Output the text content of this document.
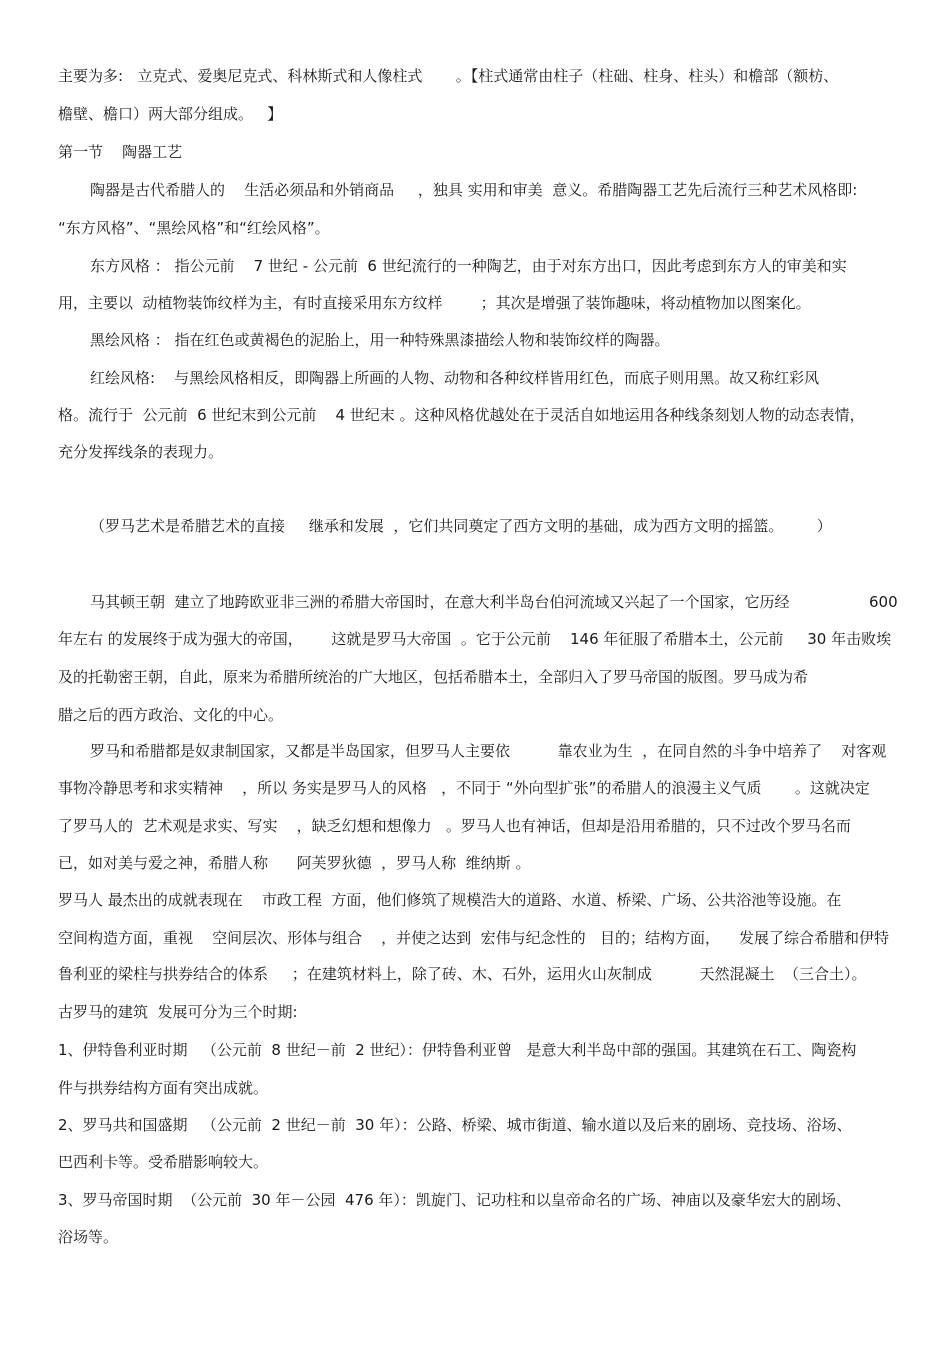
主要为多:   立克式、爱奥尼克式、科林斯式和人像柱式       。【柱式通常由柱子（柱础、柱身、柱头）和檐部（额枋、
檐壁、檐口）两大部分组成。   】
第一节    陶器工艺
陶器是古代希腊人的    生活必须品和外销商品     ，独具 实用和审美  意义。希腊陶器工艺先后流行三种艺术风格即:
“东方风格”、“黑绘风格”和“红绘风格”。
东方风格 ： 指公元前    7 世纪 - 公元前  6 世纪流行的一种陶艺，由于对东方出口，因此考虑到东方人的审美和实
用，主要以  动植物装饰纹样为主，有时直接采用东方纹样        ；其次是增强了装饰趣味，将动植物加以图案化。
黑绘风格 ： 指在红色或黄褐色的泥胎上，用一种特殊黑漆描绘人物和装饰纹样的陶器。
红绘风格:    与黑绘风格相反，即陶器上所画的人物、动物和各种纹样皆用红色，而底子则用黑。故又称红彩风
格。流行于  公元前  6 世纪末到公元前    4 世纪末 。这种风格优越处在于灵活自如地运用各种线条刻划人物的动态表情，
充分发挥线条的表现力。
（罗马艺术是希腊艺术的直接     继承和发展  ，它们共同奠定了西方文明的基础，成为西方文明的摇篮。       ）
马其顿王朝  建立了地跨欧亚非三洲的希腊大帝国时，在意大利半岛台伯河流域又兴起了一个国家，它历经	600
年左右 的发展终于成为强大的帝国，      这就是罗马大帝国  。它于公元前    146 年征服了希腊本土，公元前     30 年击败埃
及的托勒密王朝，自此，原来为希腊所统治的广大地区，包括希腊本土，全部归入了罗马帝国的版图。罗马成为希
腊之后的西方政治、文化的中心。
罗马和希腊都是奴隶制国家，又都是半岛国家，但罗马人主要依          靠农业为生  ，在同自然的斗争中培养了    对客观
事物冷静思考和求实精神    ，所以 务实是罗马人的风格   ，不同于 “外向型扩张”的希腊人的浪漫主义气质       。这就决定
了罗马人的  艺术观是求实、写实    ，缺乏幻想和想像力   。罗马人也有神话，但却是沿用希腊的，只不过改个罗马名而
已，如对美与爱之神，希腊人称      阿芙罗狄德  ，罗马人称  维纳斯 。
罗马人 最杰出的成就表现在    市政工程  方面，他们修筑了规模浩大的道路、水道、桥梁、广场、公共浴池等设施。在
空间构造方面，重视    空间层次、形体与组合    ，并使之达到  宏伟与纪念性的   目的；结构方面，    发展了综合希腊和伊特
鲁利亚的梁柱与拱券结合的体系     ；在建筑材料上，除了砖、木、石外，运用火山灰制成          天然混凝土  （三合土）。
古罗马的建筑  发展可分为三个时期:
1、伊特鲁利亚时期   （公元前  8 世纪－前  2 世纪）：伊特鲁利亚曾   是意大利半岛中部的强国。其建筑在石工、陶瓷构
件与拱券结构方面有突出成就。
2、罗马共和国盛期   （公元前  2 世纪－前  30 年）：公路、桥梁、城市街道、输水道以及后来的剧场、竞技场、浴场、
巴西利卡等。受希腊影响较大。
3、罗马帝国时期  （公元前  30 年－公园  476 年）：凯旋门、记功柱和以皇帝命名的广场、神庙以及豪华宏大的剧场、
浴场等。
